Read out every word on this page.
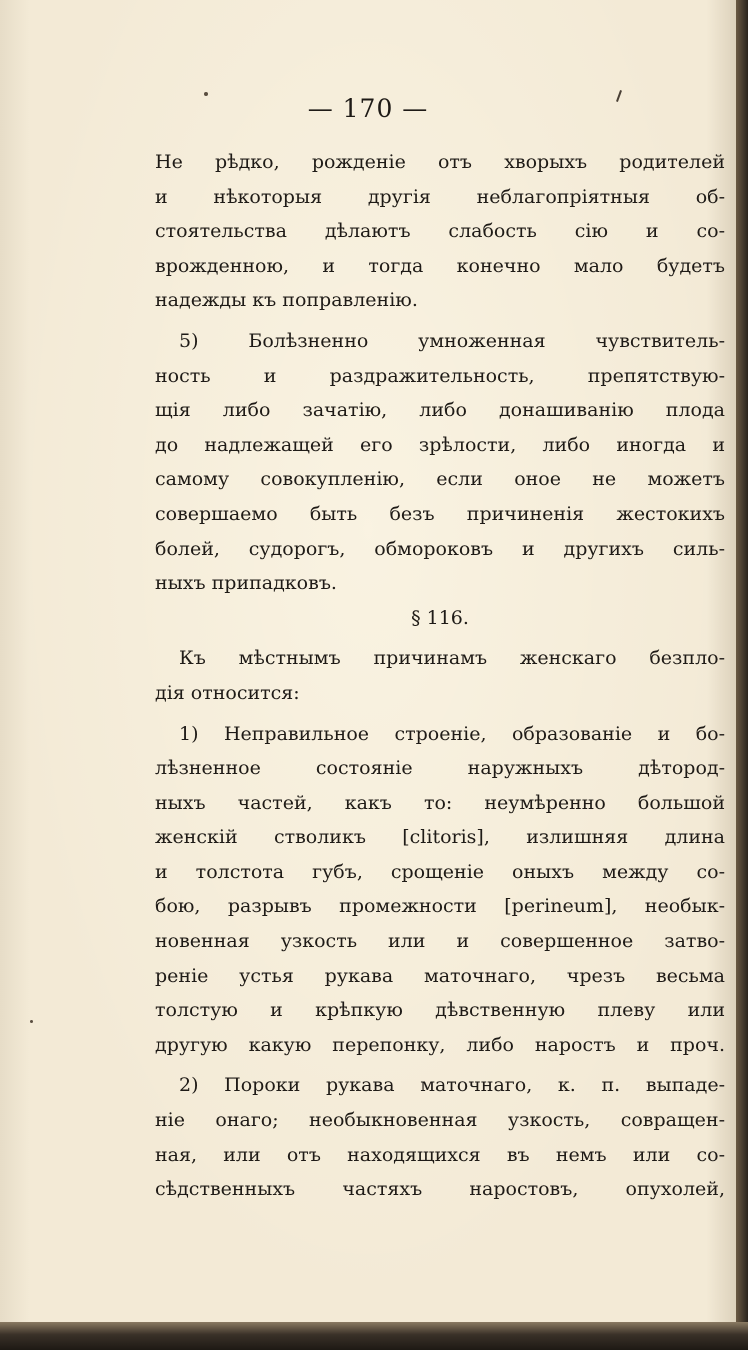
— 170 —
Не рѣдко, рожденіе отъ хворыхъ родителей
и нѣкоторыя другія неблагопріятныя об-
стоятельства дѣлаютъ слабость сію и со-
врожденною, и тогда конечно мало будетъ
надежды къ поправленію.
5) Болѣзненно умноженная чувствитель-
ность и раздражительность, препятствую-
щія либо зачатію, либо донашиванію плода
до надлежащей его зрѣлости, либо иногда и
самому совокупленію, если оное не можетъ
совершаемо быть безъ причиненія жестокихъ
болей, судорогъ, обмороковъ и другихъ силь-
ныхъ припадковъ.
§ 116.
Къ мѣстнымъ причинамъ женскаго безпло-
дія относится:
1) Неправильное строеніе, образованіе и бо-
лѣзненное состояніе наружныхъ дѣтород-
ныхъ частей, какъ то: неумѣренно большой
женскій стволикъ [clitoris], излишняя длина
и толстота губъ, срощеніе оныхъ между со-
бою, разрывъ промежности [perineum], необык-
новенная узкость или и совершенное затво-
реніе устья рукава маточнаго, чрезъ весьма
толстую и крѣпкую дѣвственную плеву или
другую какую перепонку, либо наростъ и проч.
2) Пороки рукава маточнаго, к. п. выпаде-
ніе онаго; необыкновенная узкость, совращен-
ная, или отъ находящихся въ немъ или со-
сѣдственныхъ частяхъ наростовъ, опухолей,
